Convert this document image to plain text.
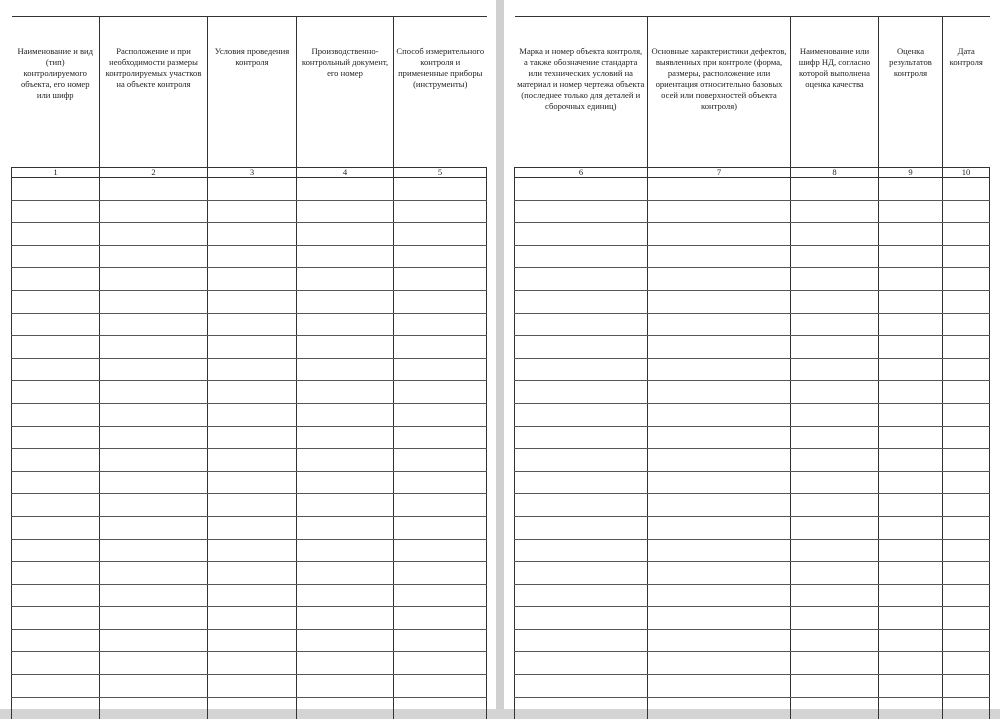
Наименование и вид (тип) контролируемого объекта, его номер или шифр	Расположение и при необходимости размеры контролируемых участков на объекте контроля	Условия проведения контроля	Производственно-контрольный документ, его номер	Способ измерительного контроля и примененные приборы (инструменты)
1	2	3	4	5

Марка и номер объекта контроля, а также обозначение стандарта или технических условий на материал и номер чертежа объекта (последнее только для деталей и сборочных единиц)	Основные характеристики дефектов, выявленных при контроле (форма, размеры, расположение или ориентация относительно базовых осей или поверхностей объекта контроля)	Наименование или шифр НД, согласно которой выполнена оценка качества	Оценка результатов контроля	Дата контроля
6	7	8	9	10
